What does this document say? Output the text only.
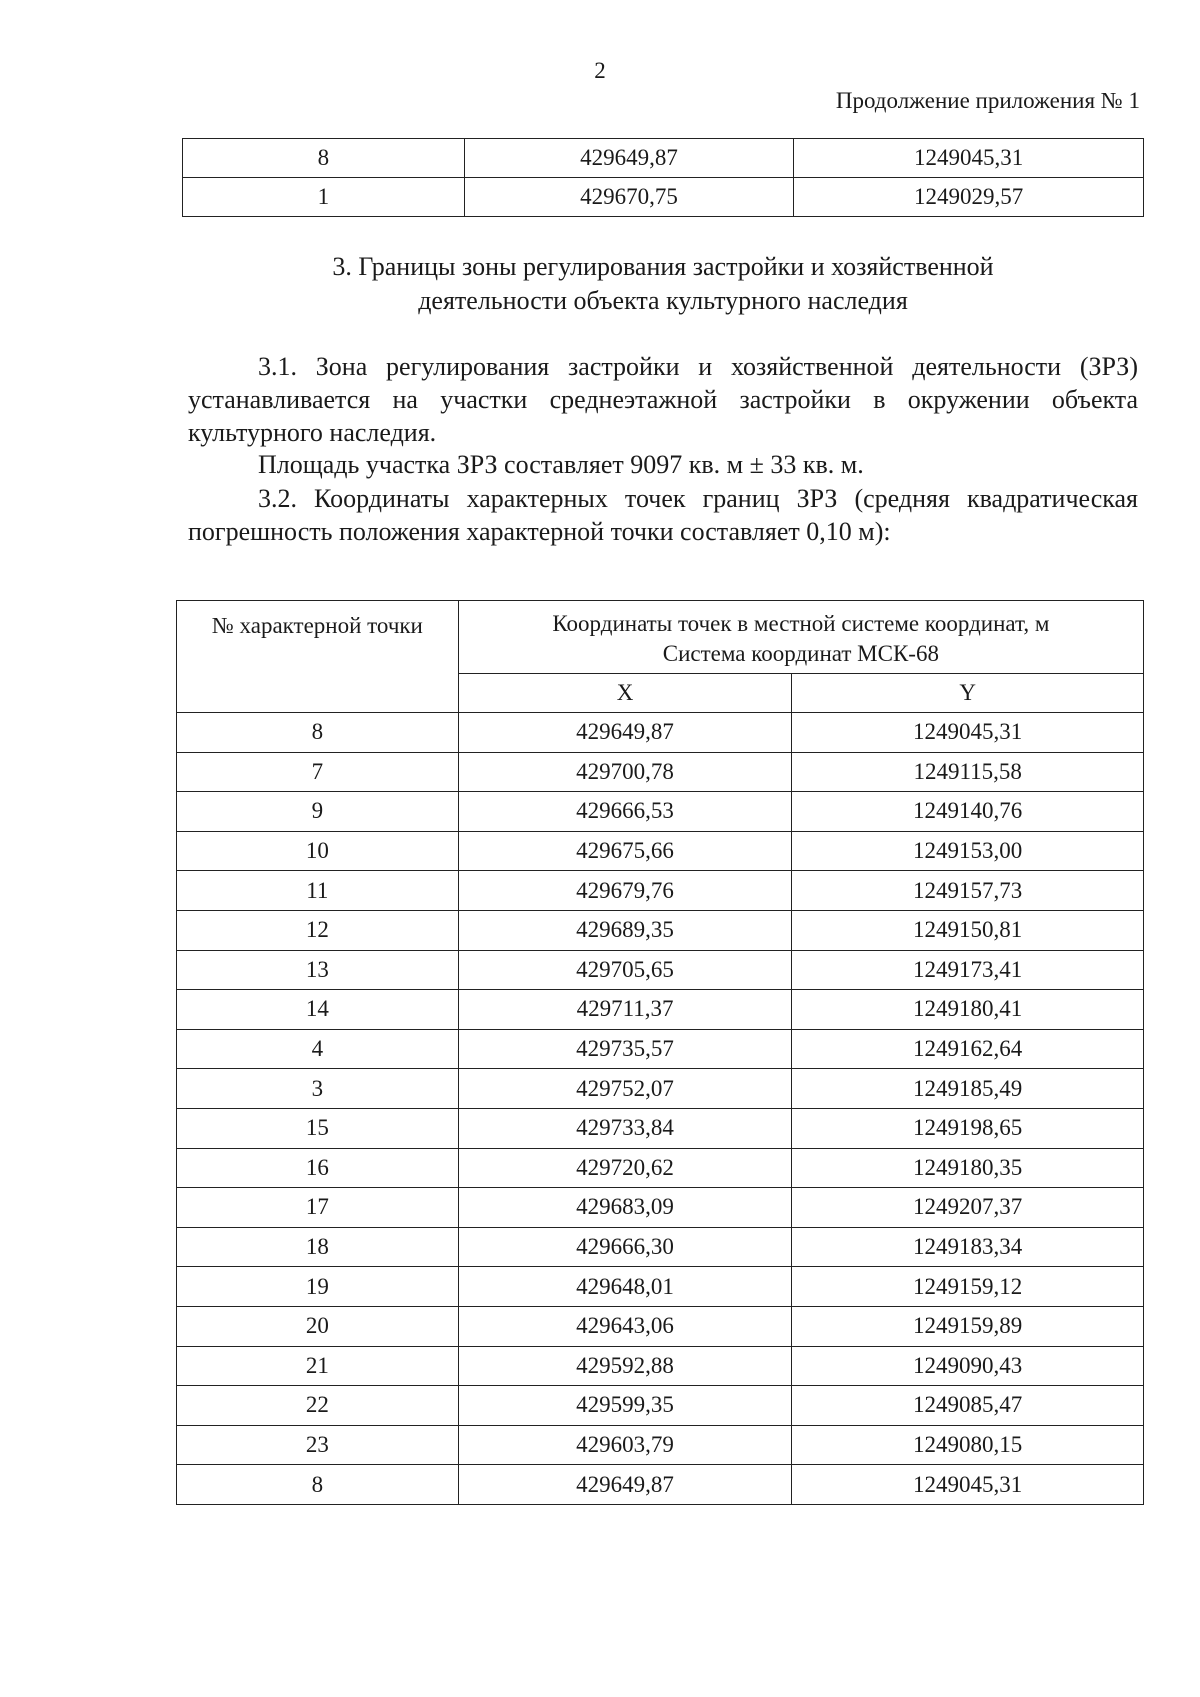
2
Продолжение приложения № 1
8	429649,87	1249045,31
1	429670,75	1249029,57
3. Границы зоны регулирования застройки и хозяйственной
деятельности объекта культурного наследия
3.1. Зона регулирования застройки и хозяйственной деятельности (ЗРЗ) устанавливается на участки среднеэтажной застройки в окружении объекта культурного наследия.
Площадь участка ЗРЗ составляет 9097 кв. м ± 33 кв. м.
3.2. Координаты характерных точек границ ЗРЗ (средняя квадратическая погрешность положения характерной точки составляет 0,10 м):
№ характерной точки	Координаты точек в местной системе координат, м
Система координат МСК-68	

	X	Y
8	429649,87	1249045,31
7	429700,78	1249115,58
9	429666,53	1249140,76
10	429675,66	1249153,00
11	429679,76	1249157,73
12	429689,35	1249150,81
13	429705,65	1249173,41
14	429711,37	1249180,41
4	429735,57	1249162,64
3	429752,07	1249185,49
15	429733,84	1249198,65
16	429720,62	1249180,35
17	429683,09	1249207,37
18	429666,30	1249183,34
19	429648,01	1249159,12
20	429643,06	1249159,89
21	429592,88	1249090,43
22	429599,35	1249085,47
23	429603,79	1249080,15
8	429649,87	1249045,31
